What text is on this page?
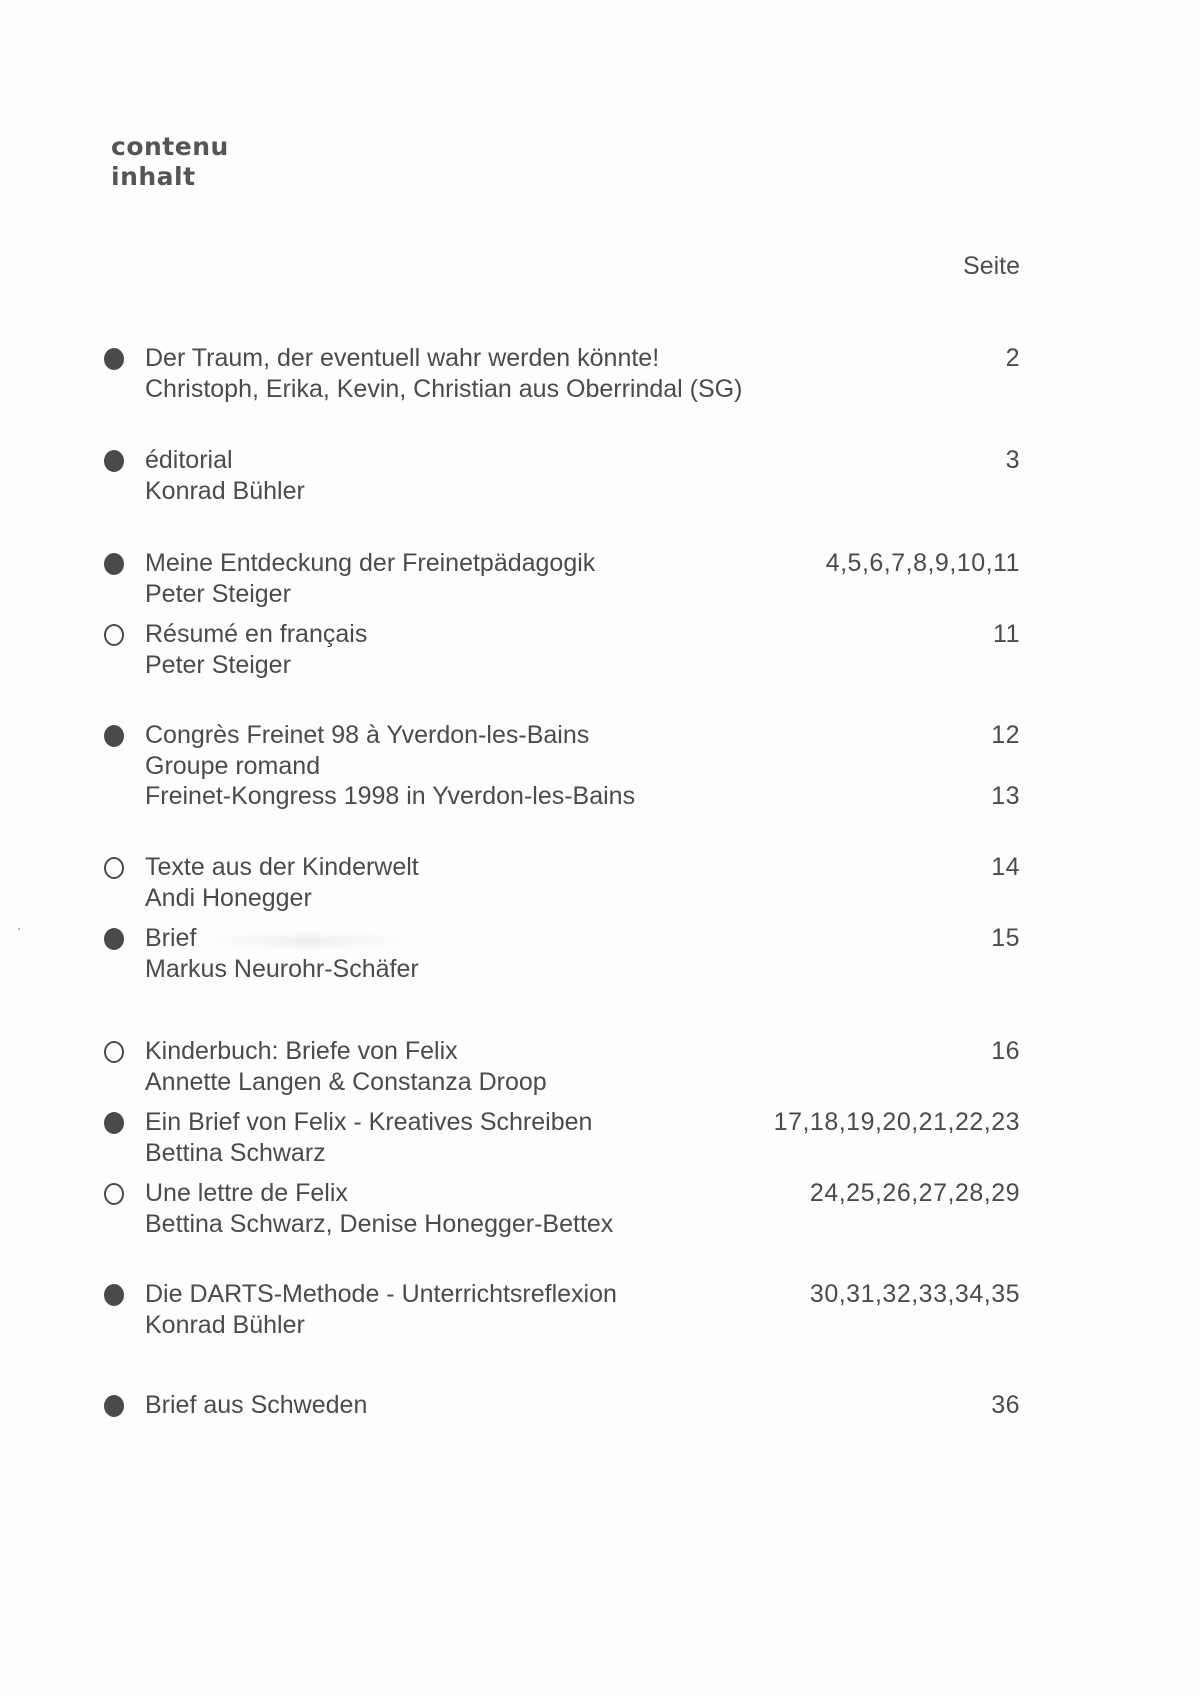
contenu
inhalt
Seite
Der Traum, der eventuell wahr werden könnte!	2
Christoph, Erika, Kevin, Christian aus Oberrindal (SG)
éditorial	3
Konrad Bühler
Meine Entdeckung der Freinetpädagogik	4,5,6,7,8,9,10,11
Peter Steiger
Résumé en français	11
Peter Steiger
Congrès Freinet 98 à Yverdon-les-Bains	12
Groupe romand
Freinet-Kongress 1998 in Yverdon-les-Bains	13
Texte aus der Kinderwelt	14
Andi Honegger
Brief	15
Markus Neurohr-Schäfer
Kinderbuch: Briefe von Felix	16
Annette Langen & Constanza Droop
Ein Brief von Felix - Kreatives Schreiben	17,18,19,20,21,22,23
Bettina Schwarz
Une lettre de Felix	24,25,26,27,28,29
Bettina Schwarz, Denise Honegger-Bettex
Die DARTS-Methode - Unterrichtsreflexion	30,31,32,33,34,35
Konrad Bühler
Brief aus Schweden	36
